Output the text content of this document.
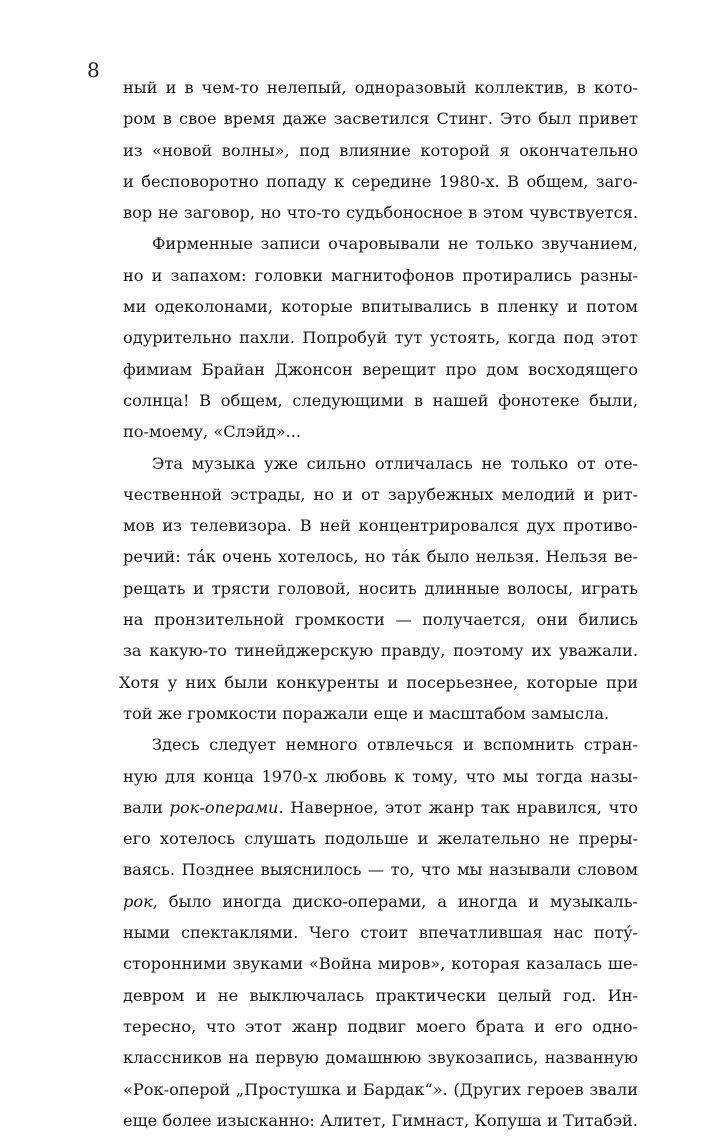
8
ный и в чем-то нелепый, одноразовый коллектив, в кото-
ром в свое время даже засветился Стинг. Это был привет
из «новой волны», под влияние которой я окончательно
и бесповоротно попаду к середине 1980-х. В общем, заго-
вор не заговор, но что-то судьбоносное в этом чувствуется.
Фирменные записи очаровывали не только звучанием,
но и запахом: головки магнитофонов протирались разны-
ми одеколонами, которые впитывались в пленку и потом
одурительно пахли. Попробуй тут устоять, когда под этот
фимиам Брайан Джонсон верещит про дом восходящего
солнца! В общем, следующими в нашей фонотеке были,
по-моему, «Слэйд»...
Эта музыка уже сильно отличалась не только от оте-
чественной эстрады, но и от зарубежных мелодий и рит-
мов из телевизора. В ней концентрировался дух противо-
речий: та́к очень хотелось, но та́к было нельзя. Нельзя ве-
рещать и трясти головой, носить длинные волосы, играть
на пронзительной громкости — получается, они бились
за какую-то тинейджерскую правду, поэтому их уважали.
Хотя у них были конкуренты и посерьезнее, которые при
той же громкости поражали еще и масштабом замысла.
Здесь следует немного отвлечься и вспомнить стран-
ную для конца 1970-х любовь к тому, что мы тогда назы-
вали рок-операми. Наверное, этот жанр так нравился, что
его хотелось слушать подольше и желательно не преры-
ваясь. Позднее выяснилось — то, что мы называли словом
рок, было иногда диско-операми, а иногда и музыкаль-
ными спектаклями. Чего стоит впечатлившая нас потý-
сторонними звуками «Война миров», которая казалась ше-
девром и не выключалась практически целый год. Ин-
тересно, что этот жанр подвиг моего брата и его одно-
классников на первую домашнюю звукозапись, названную
«Рок-оперой „Простушка и Бардак“». (Других героев звали
еще более изысканно: Алитет, Гимнаст, Копуша и Титабэй.
